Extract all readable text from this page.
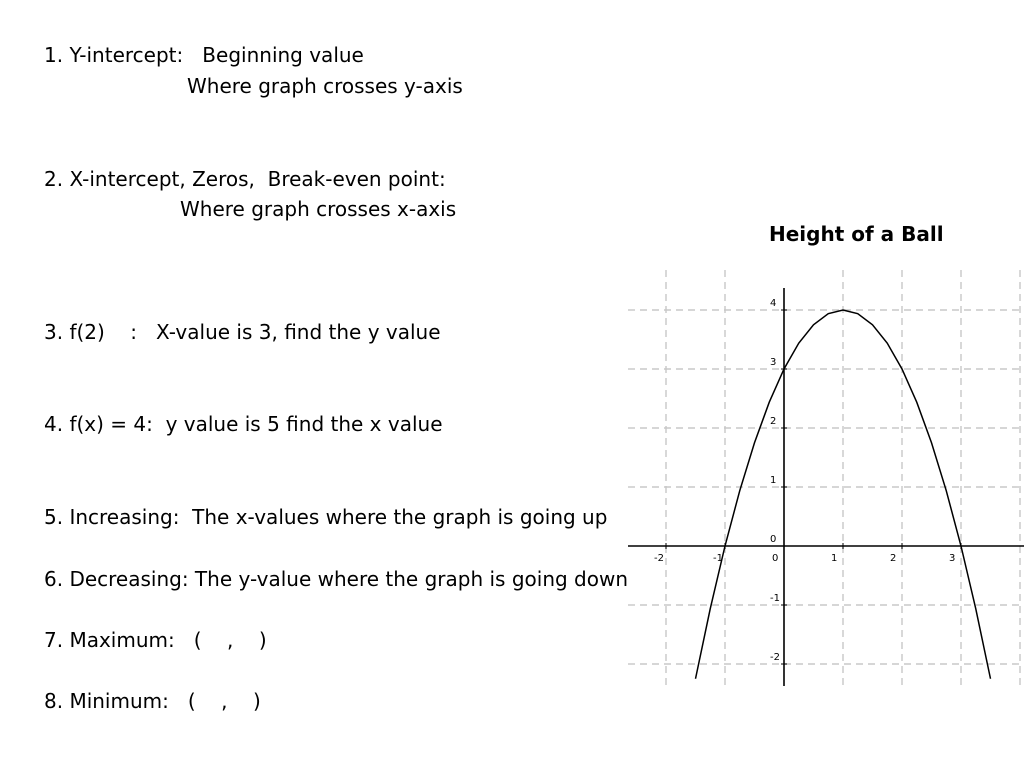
1. Y-intercept:   Beginning value
Where graph crosses y-axis
2. X-intercept, Zeros,  Break-even point:
Where graph crosses x-axis
3. f(2)    :   X-value is 3, find the y value
4. f(x) = 4:  y value is 5 find the x value
5. Increasing:  The x-values where the graph is going up
6. Decreasing: The y-value where the graph is going down
7. Maximum:   (    ,    )
8. Minimum:   (    ,    )
Height of a Ball
-2	-1	0	1	2	3
-2
-1
0
1
2
3
4
